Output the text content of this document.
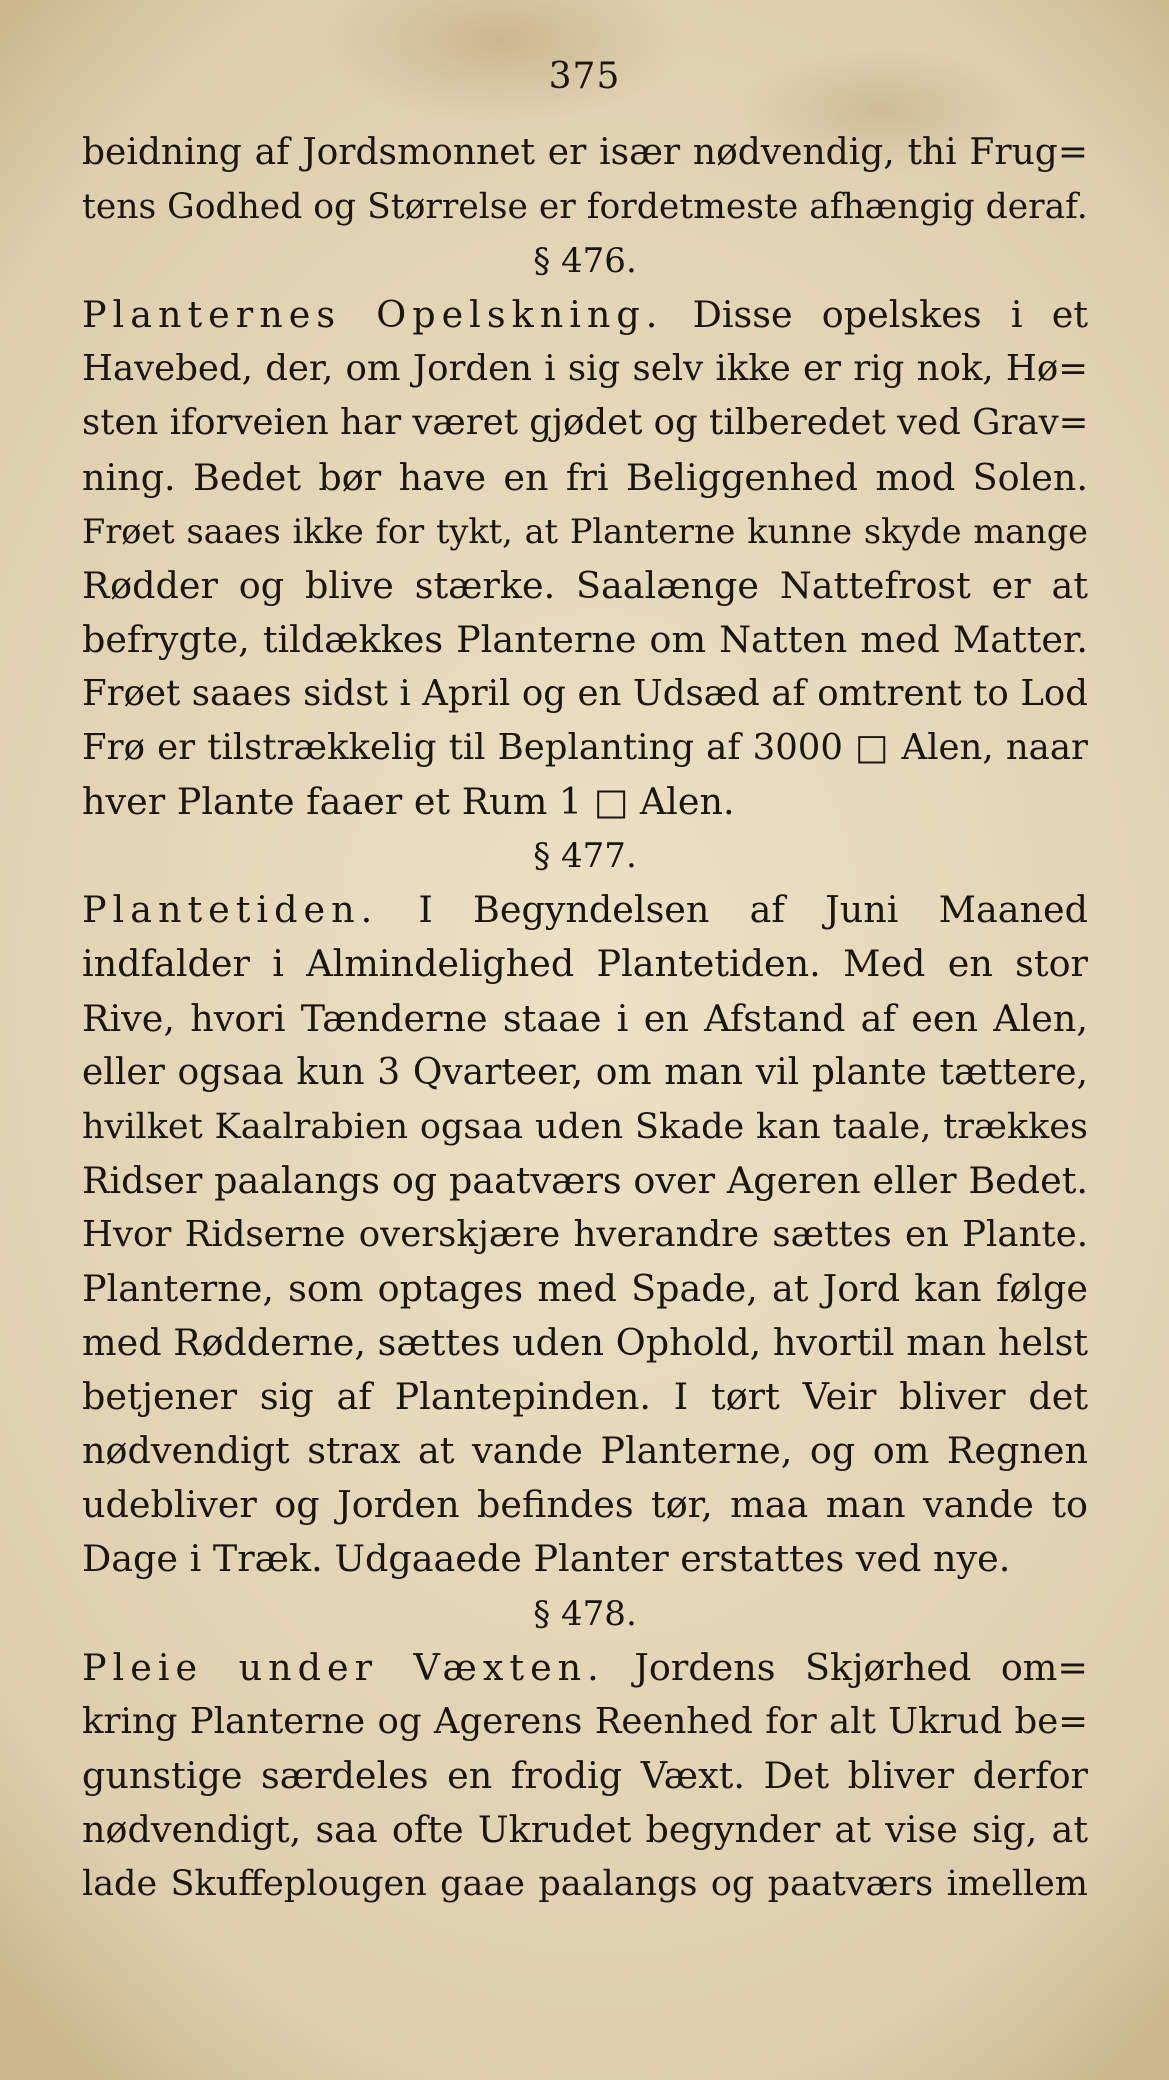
375
beidning af Jordsmonnet er især nødvendig, thi Frug=
tens Godhed og Størrelse er fordetmeste afhængig deraf.
§ 476.
Planternes Opelskning. Disse opelskes i et
Havebed, der, om Jorden i sig selv ikke er rig nok, Hø=
sten iforveien har været gjødet og tilberedet ved Grav=
ning. Bedet bør have en fri Beliggenhed mod Solen.
Frøet saaes ikke for tykt, at Planterne kunne skyde mange
Rødder og blive stærke. Saalænge Nattefrost er at
befrygte, tildækkes Planterne om Natten med Matter.
Frøet saaes sidst i April og en Udsæd af omtrent to Lod
Frø er tilstrækkelig til Beplanting af 3000 □ Alen, naar
hver Plante faaer et Rum 1 □ Alen.
§ 477.
Plantetiden. I Begyndelsen af Juni Maaned
indfalder i Almindelighed Plantetiden. Med en stor
Rive, hvori Tænderne staae i en Afstand af een Alen,
eller ogsaa kun 3 Qvarteer, om man vil plante tættere,
hvilket Kaalrabien ogsaa uden Skade kan taale, trækkes
Ridser paalangs og paatværs over Ageren eller Bedet.
Hvor Ridserne overskjære hverandre sættes en Plante.
Planterne, som optages med Spade, at Jord kan følge
med Rødderne, sættes uden Ophold, hvortil man helst
betjener sig af Plantepinden. I tørt Veir bliver det
nødvendigt strax at vande Planterne, og om Regnen
udebliver og Jorden befindes tør, maa man vande to
Dage i Træk. Udgaaede Planter erstattes ved nye.
§ 478.
Pleie under Væxten. Jordens Skjørhed om=
kring Planterne og Agerens Reenhed for alt Ukrud be=
gunstige særdeles en frodig Væxt. Det bliver derfor
nødvendigt, saa ofte Ukrudet begynder at vise sig, at
lade Skuffeplougen gaae paalangs og paatværs imellem
